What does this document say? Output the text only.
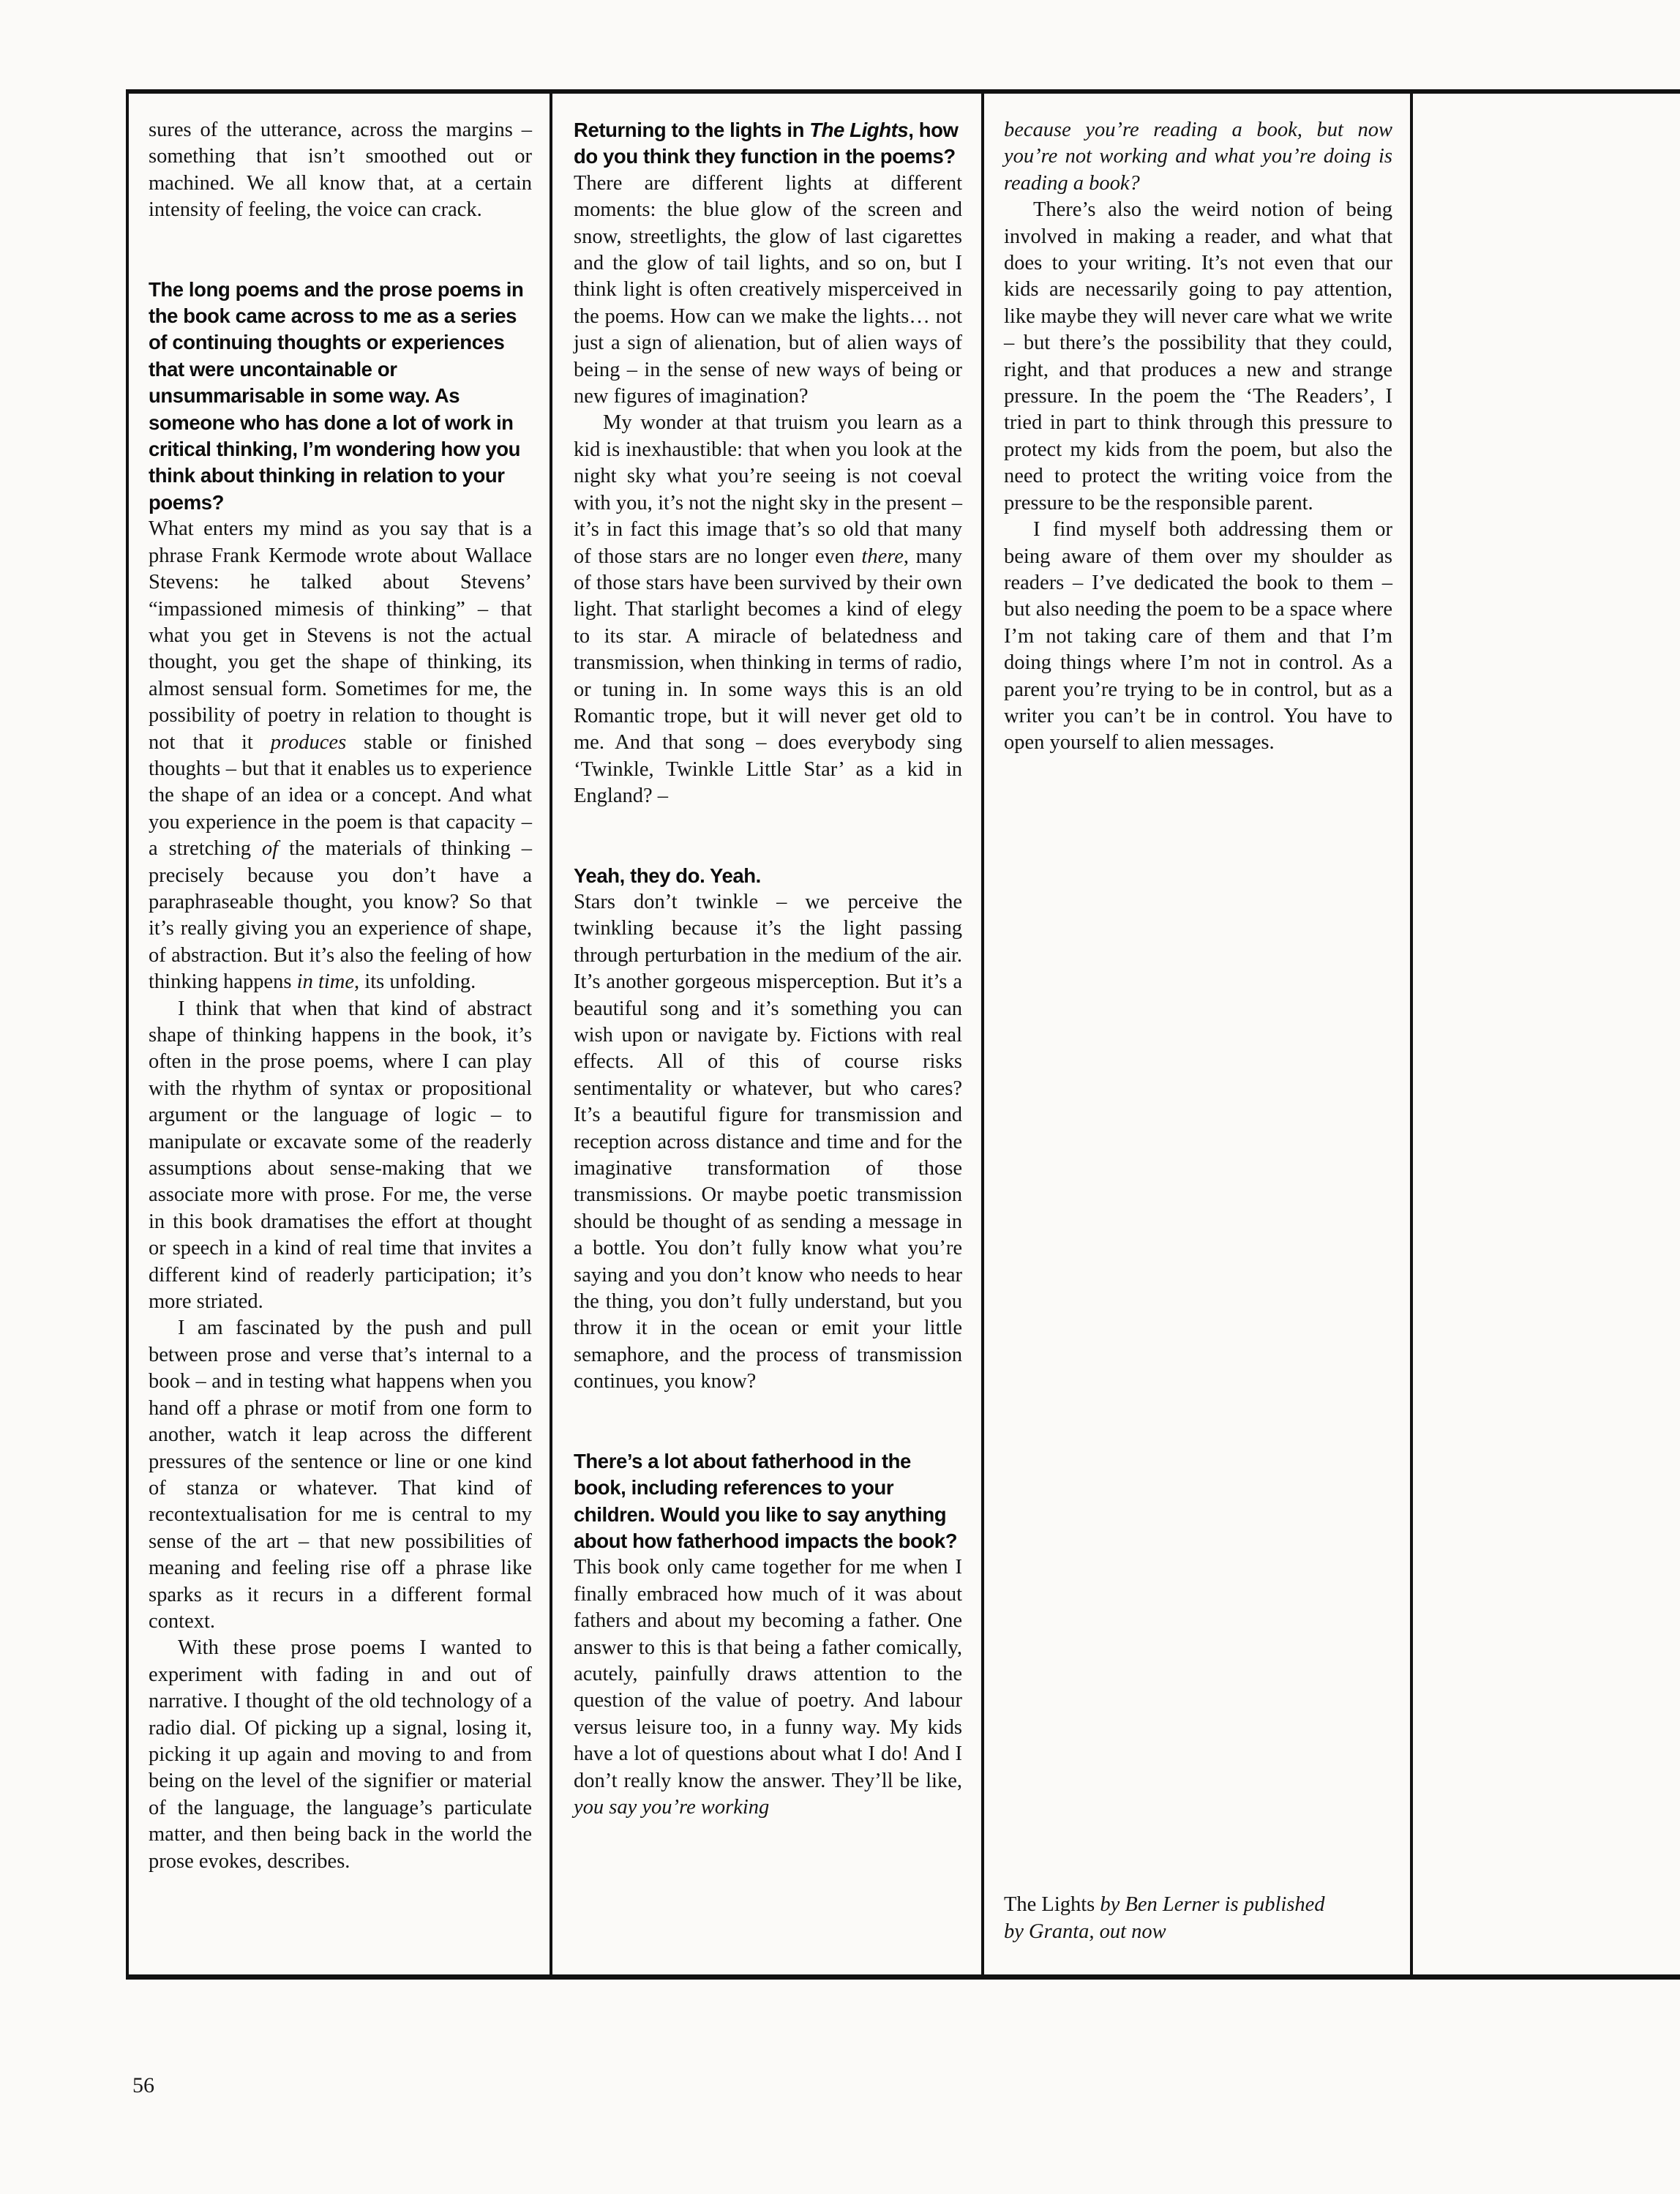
sures of the utterance, across the margins – something that isn’t smoothed out or machined. We all know that, at a certain intensity of feeling, the voice can crack.

The long poems and the prose poems in the book came across to me as a series of continuing thoughts or experiences that were uncontainable or unsummarisable in some way. As someone who has done a lot of work in critical thinking, I’m wondering how you think about thinking in relation to your poems?

What enters my mind as you say that is a phrase Frank Kermode wrote about Wallace Stevens: he talked about Stevens’ “impassioned mimesis of thinking” – that what you get in Stevens is not the actual thought, you get the shape of thinking, its almost sensual form. Sometimes for me, the possibility of poetry in relation to thought is not that it produces stable or finished thoughts – but that it enables us to experience the shape of an idea or a concept. And what you experience in the poem is that capacity – a stretching of the materials of thinking – precisely because you don’t have a paraphraseable thought, you know? So that it’s really giving you an experience of shape, of abstraction. But it’s also the feeling of how thinking happens in time, its unfolding.

I think that when that kind of abstract shape of thinking happens in the book, it’s often in the prose poems, where I can play with the rhythm of syntax or propositional argument or the language of logic – to manipulate or excavate some of the readerly assumptions about sense-making that we associate more with prose. For me, the verse in this book dramatises the effort at thought or speech in a kind of real time that invites a different kind of readerly participation; it’s more striated.

I am fascinated by the push and pull between prose and verse that’s internal to a book – and in testing what happens when you hand off a phrase or motif from one form to another, watch it leap across the different pressures of the sentence or line or one kind of stanza or whatever. That kind of recontextualisation for me is central to my sense of the art – that new possibilities of meaning and feeling rise off a phrase like sparks as it recurs in a different formal context.

With these prose poems I wanted to experiment with fading in and out of narrative. I thought of the old technology of a radio dial. Of picking up a signal, losing it, picking it up again and moving to and from being on the level of the signifier or material of the language, the language’s particulate matter, and then being back in the world the prose evokes, describes.

Returning to the lights in The Lights, how do you think they function in the poems?

There are different lights at different moments: the blue glow of the screen and snow, streetlights, the glow of last cigarettes and the glow of tail lights, and so on, but I think light is often creatively misperceived in the poems. How can we make the lights… not just a sign of alienation, but of alien ways of being – in the sense of new ways of being or new figures of imagination?

My wonder at that truism you learn as a kid is inexhaustible: that when you look at the night sky what you’re seeing is not coeval with you, it’s not the night sky in the present – it’s in fact this image that’s so old that many of those stars are no longer even there, many of those stars have been survived by their own light. That starlight becomes a kind of elegy to its star. A miracle of belatedness and transmission, when thinking in terms of radio, or tuning in. In some ways this is an old Romantic trope, but it will never get old to me. And that song – does everybody sing ‘Twinkle, Twinkle Little Star’ as a kid in England? –

Yeah, they do. Yeah.

Stars don’t twinkle – we perceive the twinkling because it’s the light passing through perturbation in the medium of the air. It’s another gorgeous misperception. But it’s a beautiful song and it’s something you can wish upon or navigate by. Fictions with real effects. All of this of course risks sentimentality or whatever, but who cares? It’s a beautiful figure for transmission and reception across distance and time and for the imaginative transformation of those transmissions. Or maybe poetic transmission should be thought of as sending a message in a bottle. You don’t fully know what you’re saying and you don’t know who needs to hear the thing, you don’t fully understand, but you throw it in the ocean or emit your little semaphore, and the process of transmission continues, you know?

There’s a lot about fatherhood in the book, including references to your children. Would you like to say anything about how fatherhood impacts the book?

This book only came together for me when I finally embraced how much of it was about fathers and about my becoming a father. One answer to this is that being a father comically, acutely, painfully draws attention to the question of the value of poetry. And labour versus leisure too, in a funny way. My kids have a lot of questions about what I do! And I don’t really know the answer. They’ll be like, you say you’re working

because you’re reading a book, but now you’re not working and what you’re doing is reading a book?

There’s also the weird notion of being involved in making a reader, and what that does to your writing. It’s not even that our kids are necessarily going to pay attention, like maybe they will never care what we write – but there’s the possibility that they could, right, and that produces a new and strange pressure. In the poem the ‘The Readers’, I tried in part to think through this pressure to protect my kids from the poem, but also the need to protect the writing voice from the pressure to be the responsible parent.

I find myself both addressing them or being aware of them over my shoulder as readers – I’ve dedicated the book to them – but also needing the poem to be a space where I’m not taking care of them and that I’m doing things where I’m not in control. As a parent you’re trying to be in control, but as a writer you can’t be in control. You have to open yourself to alien messages.

The Lights by Ben Lerner is published

by Granta, out now

56
